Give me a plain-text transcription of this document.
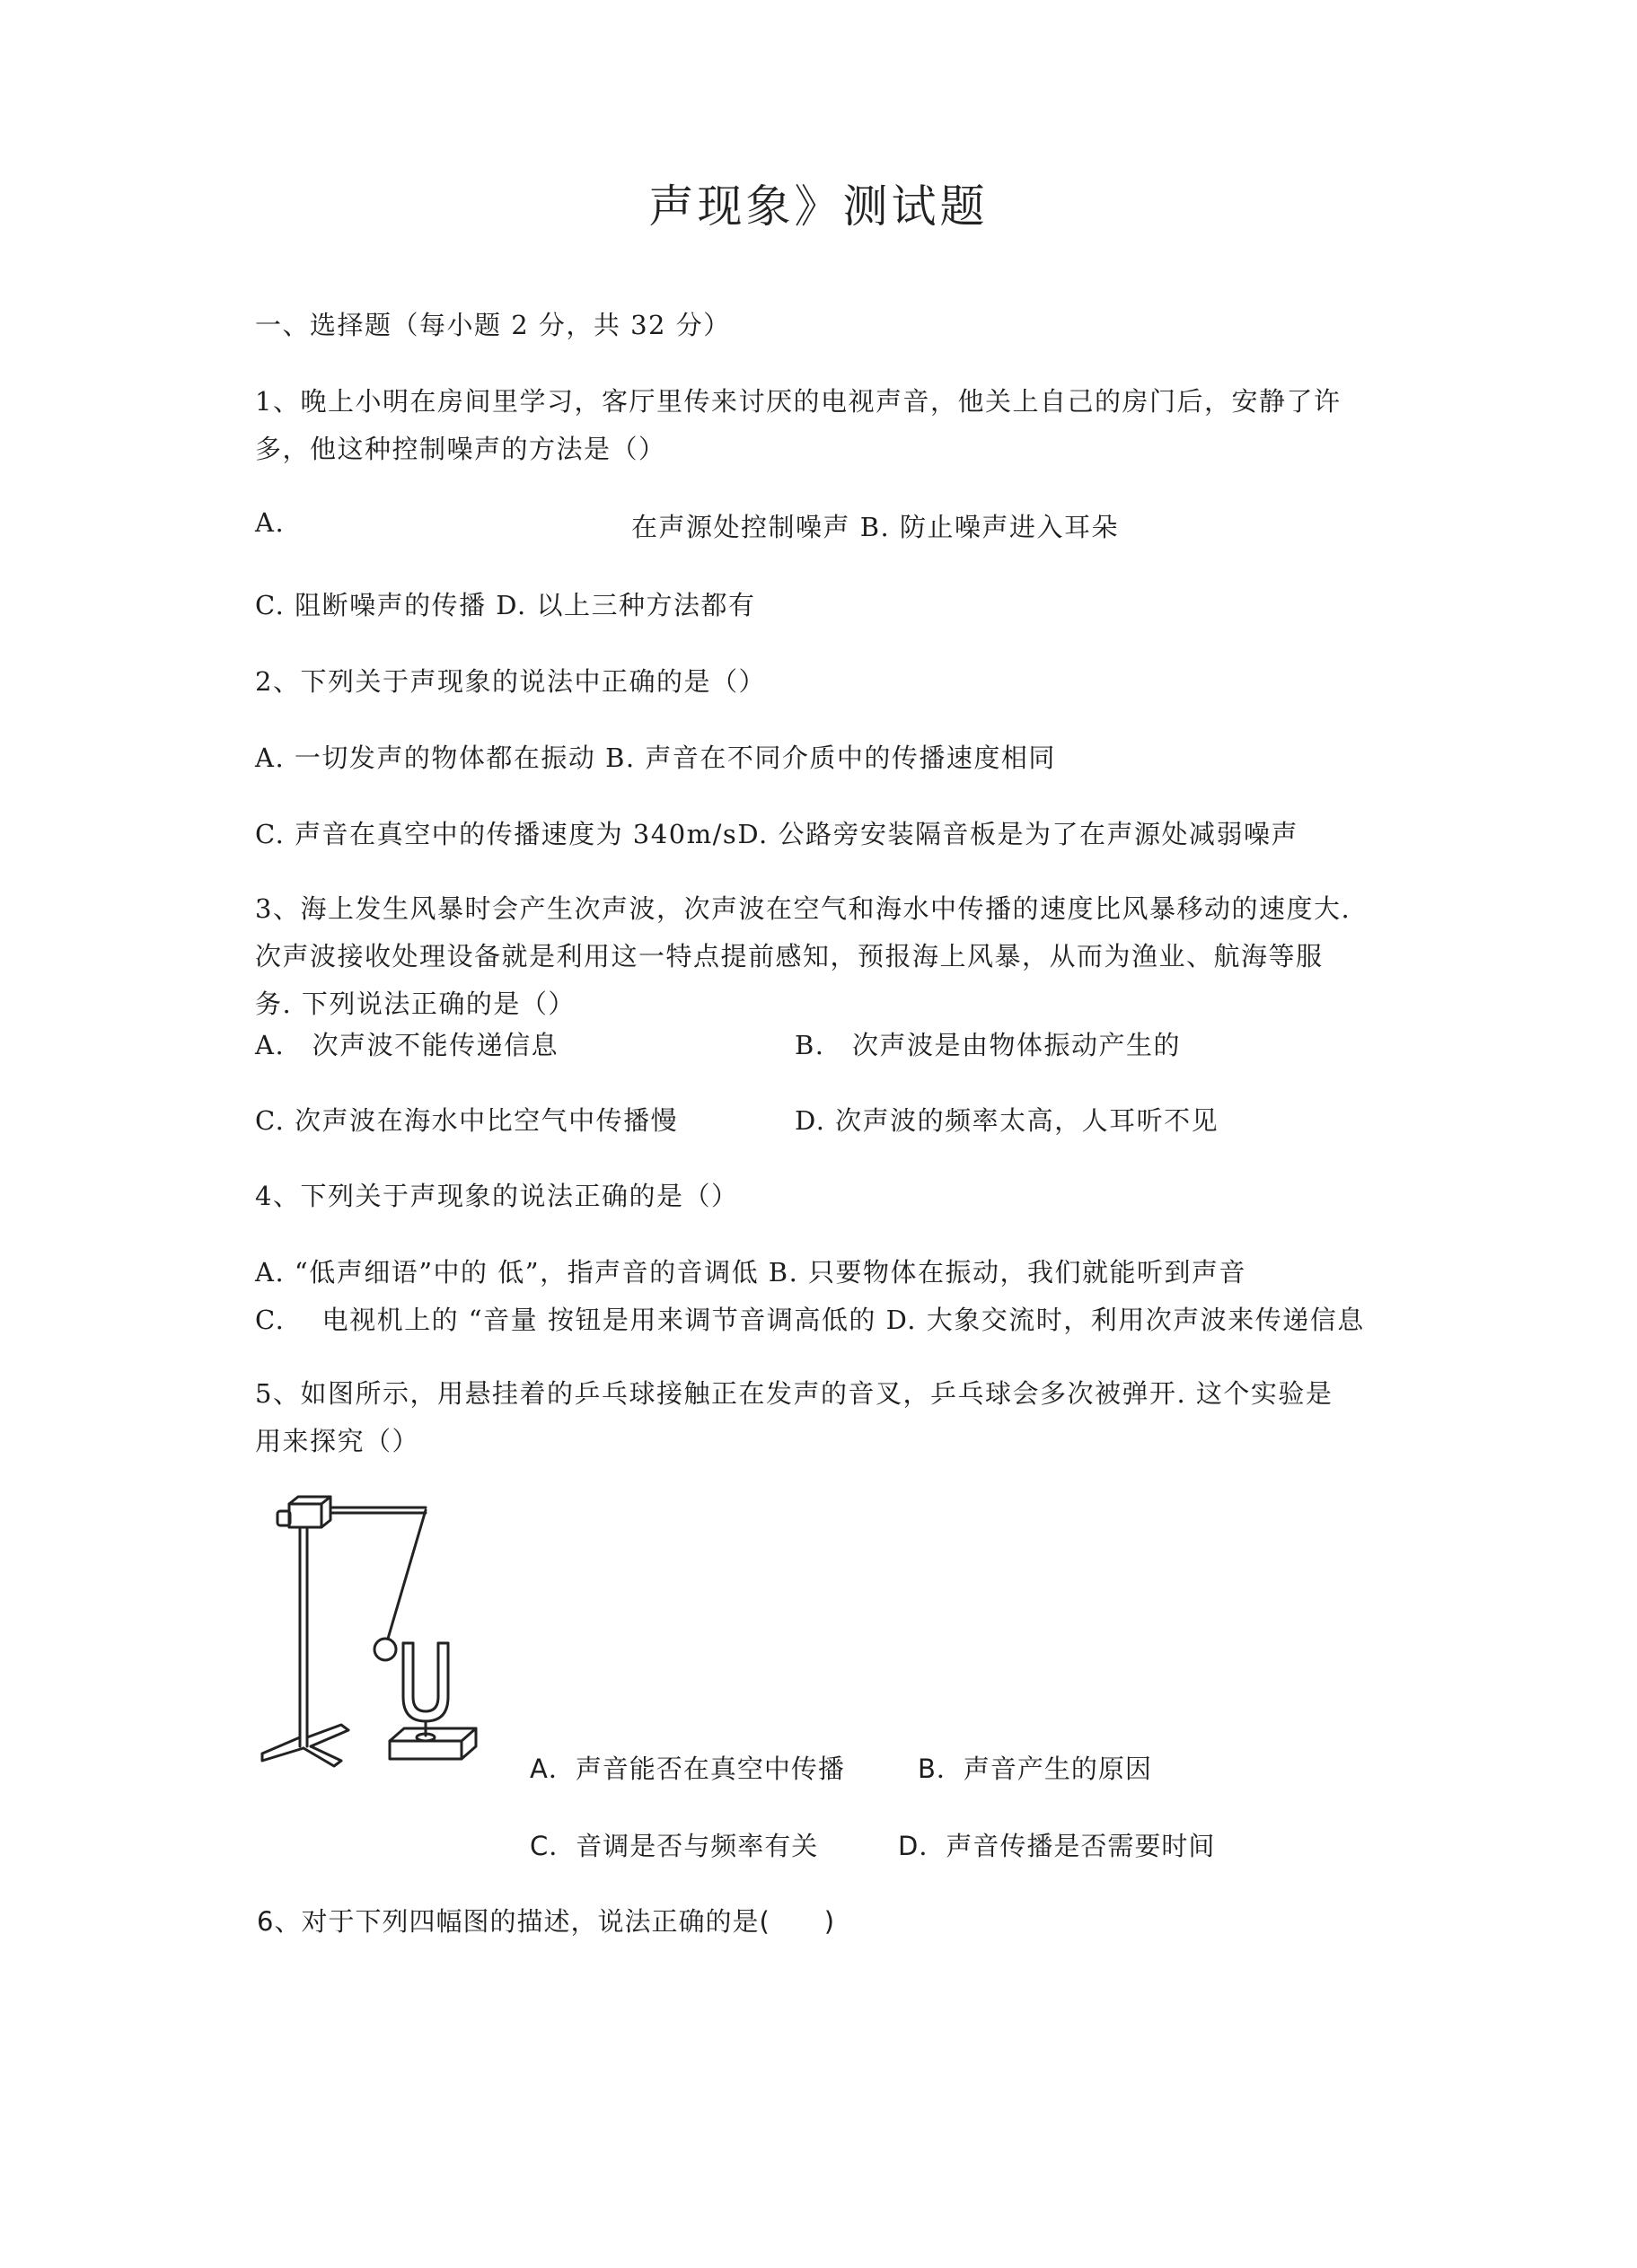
声现象》测试题
一、选择题（每小题 2 分，共 32 分）
1、晚上小明在房间里学习，客厅里传来讨厌的电视声音，他关上自己的房门后，安静了许
多，他这种控制噪声的方法是（）
A.	在声源处控制噪声 B. 防止噪声进入耳朵
C. 阻断噪声的传播 D. 以上三种方法都有
2、下列关于声现象的说法中正确的是（）
A. 一切发声的物体都在振动 B. 声音在不同介质中的传播速度相同
C. 声音在真空中的传播速度为 340m/sD. 公路旁安装隔音板是为了在声源处减弱噪声
3、海上发生风暴时会产生次声波，次声波在空气和海水中传播的速度比风暴移动的速度大.
次声波接收处理设备就是利用这一特点提前感知，预报海上风暴，从而为渔业、航海等服
务. 下列说法正确的是（）
A.　次声波不能传递信息	B.　次声波是由物体振动产生的
C. 次声波在海水中比空气中传播慢	D. 次声波的频率太高，人耳听不见
4、下列关于声现象的说法正确的是（）
A. “低声细语”中的 低”，指声音的音调低 B. 只要物体在振动，我们就能听到声音
C.　 电视机上的 “音量 按钮是用来调节音调高低的 D. 大象交流时，利用次声波来传递信息
5、如图所示，用悬挂着的乒乓球接触正在发声的音叉，乒乓球会多次被弹开. 这个实验是
用来探究（）
A．声音能否在真空中传播	B．声音产生的原因
C．音调是否与频率有关	D．声音传播是否需要时间
6、对于下列四幅图的描述，说法正确的是(　　)
